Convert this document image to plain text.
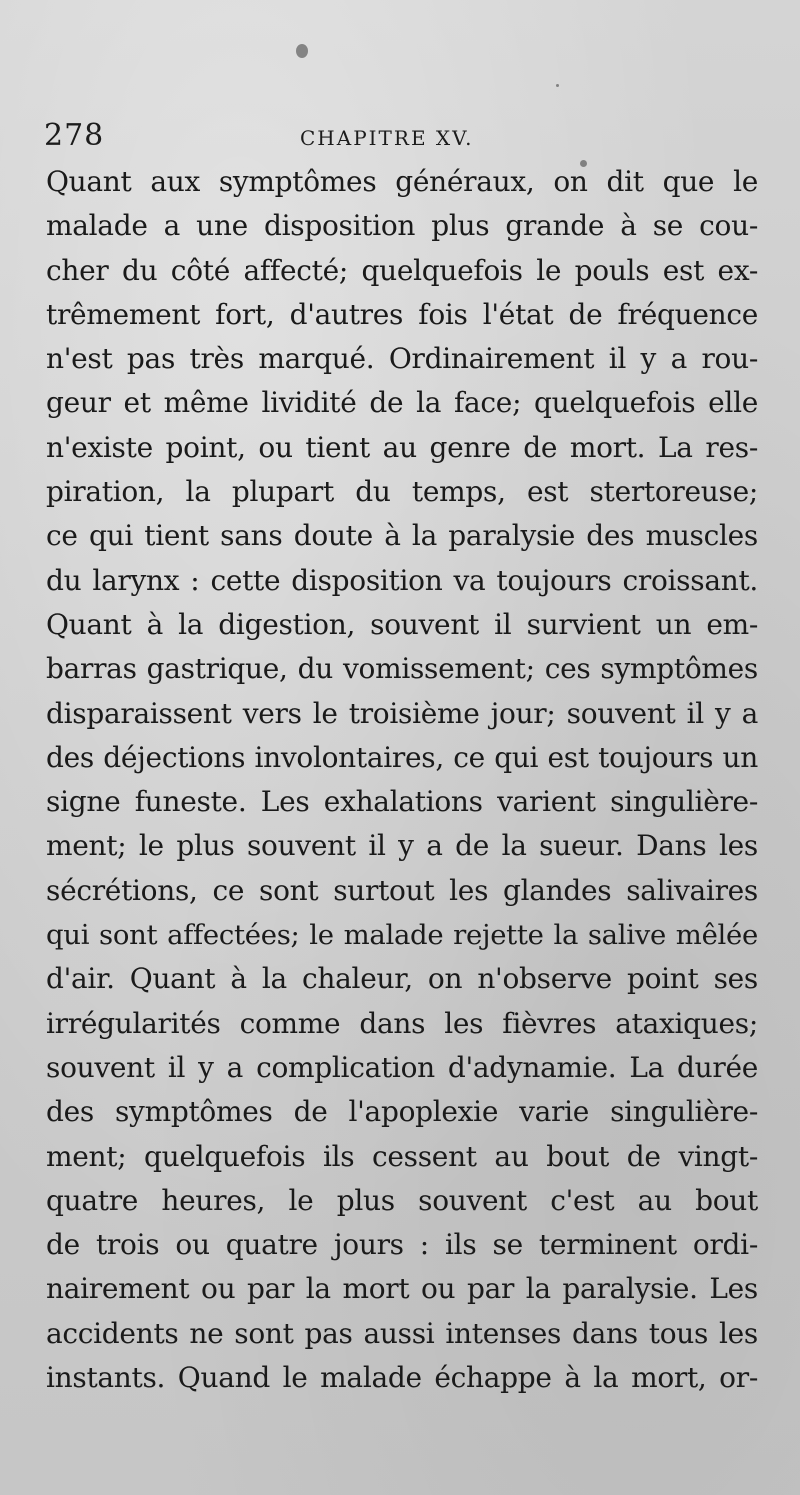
278	CHAPITRE XV.
Quant aux symptômes généraux, on dit que le
malade a une disposition plus grande à se cou-
cher du côté affecté; quelquefois le pouls est ex-
trêmement fort, d'autres fois l'état de fréquence
n'est pas très marqué. Ordinairement il y a rou-
geur et même lividité de la face; quelquefois elle
n'existe point, ou tient au genre de mort. La res-
piration, la plupart du temps, est stertoreuse;
ce qui tient sans doute à la paralysie des muscles
du larynx : cette disposition va toujours croissant.
Quant à la digestion, souvent il survient un em-
barras gastrique, du vomissement; ces symptômes
disparaissent vers le troisième jour; souvent il y a
des déjections involontaires, ce qui est toujours un
signe funeste. Les exhalations varient singulière-
ment; le plus souvent il y a de la sueur. Dans les
sécrétions, ce sont surtout les glandes salivaires
qui sont affectées; le malade rejette la salive mêlée
d'air. Quant à la chaleur, on n'observe point ses
irrégularités comme dans les fièvres ataxiques;
souvent il y a complication d'adynamie. La durée
des symptômes de l'apoplexie varie singulière-
ment; quelquefois ils cessent au bout de vingt-
quatre heures, le plus souvent c'est au bout
de trois ou quatre jours : ils se terminent ordi-
nairement ou par la mort ou par la paralysie. Les
accidents ne sont pas aussi intenses dans tous les
instants. Quand le malade échappe à la mort, or-
